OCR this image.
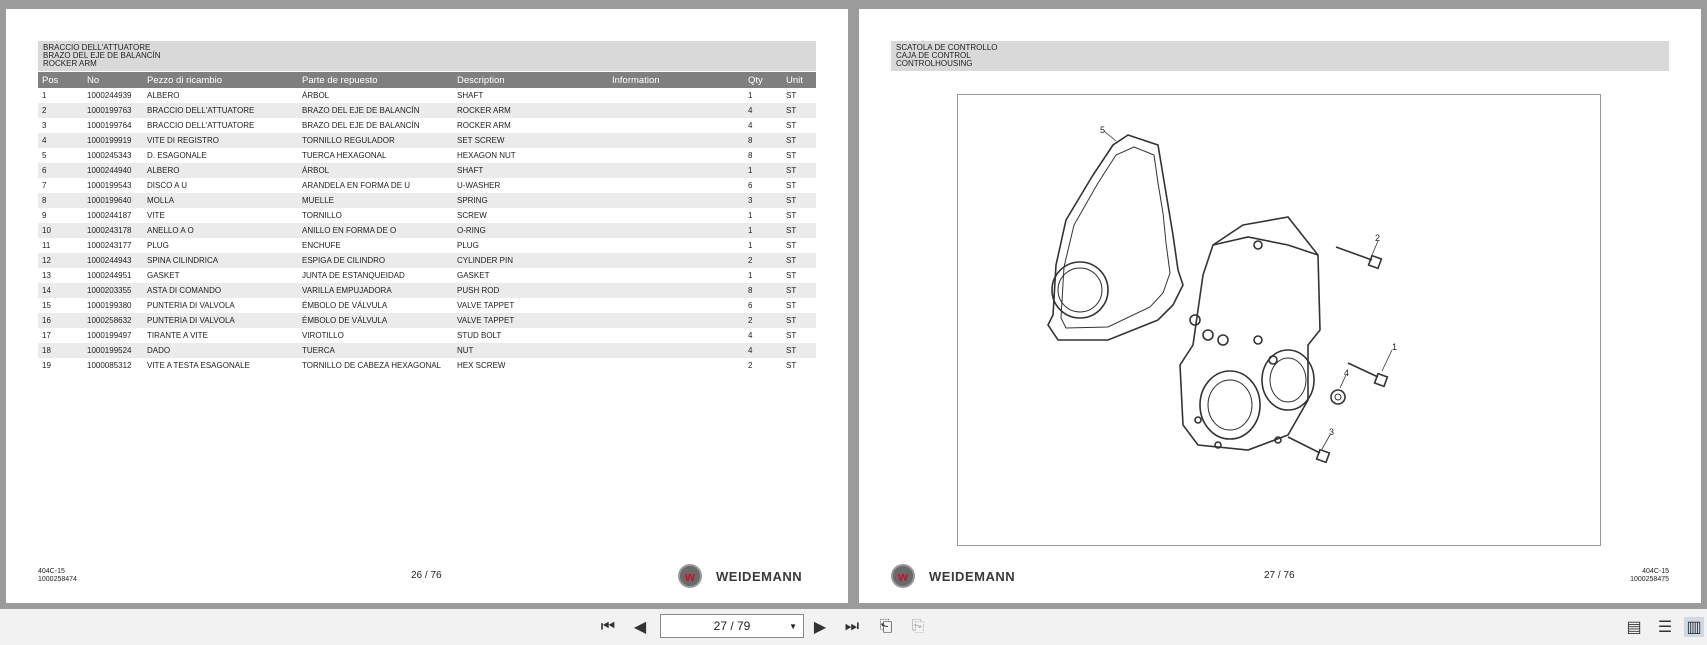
BRACCIO DELL'ATTUATORE
BRAZO DEL EJE DE BALANCÍN
ROCKER ARM
Pos	No	Pezzo di ricambio	Parte de repuesto	Description	Information	Qty	Unit
1	1000244939	ALBERO	ÁRBOL	SHAFT		1	ST
2	1000199763	BRACCIO DELL'ATTUATORE	BRAZO DEL EJE DE BALANCÍN	ROCKER ARM		4	ST
3	1000199764	BRACCIO DELL'ATTUATORE	BRAZO DEL EJE DE BALANCÍN	ROCKER ARM		4	ST
4	1000199919	VITE DI REGISTRO	TORNILLO REGULADOR	SET SCREW		8	ST
5	1000245343	D. ESAGONALE	TUERCA HEXAGONAL	HEXAGON NUT		8	ST
6	1000244940	ALBERO	ÁRBOL	SHAFT		1	ST
7	1000199543	DISCO A U	ARANDELA EN FORMA DE U	U-WASHER		6	ST
8	1000199640	MOLLA	MUELLE	SPRING		3	ST
9	1000244187	VITE	TORNILLO	SCREW		1	ST
10	1000243178	ANELLO A O	ANILLO EN FORMA DE O	O-RING		1	ST
11	1000243177	PLUG	ENCHUFE	PLUG		1	ST
12	1000244943	SPINA CILINDRICA	ESPIGA DE CILINDRO	CYLINDER PIN		2	ST
13	1000244951	GASKET	JUNTA DE ESTANQUEIDAD	GASKET		1	ST
14	1000203355	ASTA DI COMANDO	VARILLA EMPUJADORA	PUSH ROD		8	ST
15	1000199380	PUNTERIA DI VALVOLA	ÉMBOLO DE VÁLVULA	VALVE TAPPET		6	ST
16	1000258632	PUNTERIA DI VALVOLA	ÉMBOLO DE VÁLVULA	VALVE TAPPET		2	ST
17	1000199497	TIRANTE A VITE	VIROTILLO	STUD BOLT		4	ST
18	1000199524	DADO	TUERCA	NUT		4	ST
19	1000085312	VITE A TESTA ESAGONALE	TORNILLO DE CABEZA HEXAGONAL	HEX SCREW		2	ST
404C-15
1000258474	26 / 76	w	WEIDEMANN
SCATOLA DE CONTROLLO
CAJA DE CONTROL
CONTROLHOUSING
5
2
1
4
3
w	WEIDEMANN	27 / 76	404C-15
1000258475
⏮ ◀	27 / 79	▼ ▶ ⏭ ⎗ ⎘	▤ ☰ ▥
